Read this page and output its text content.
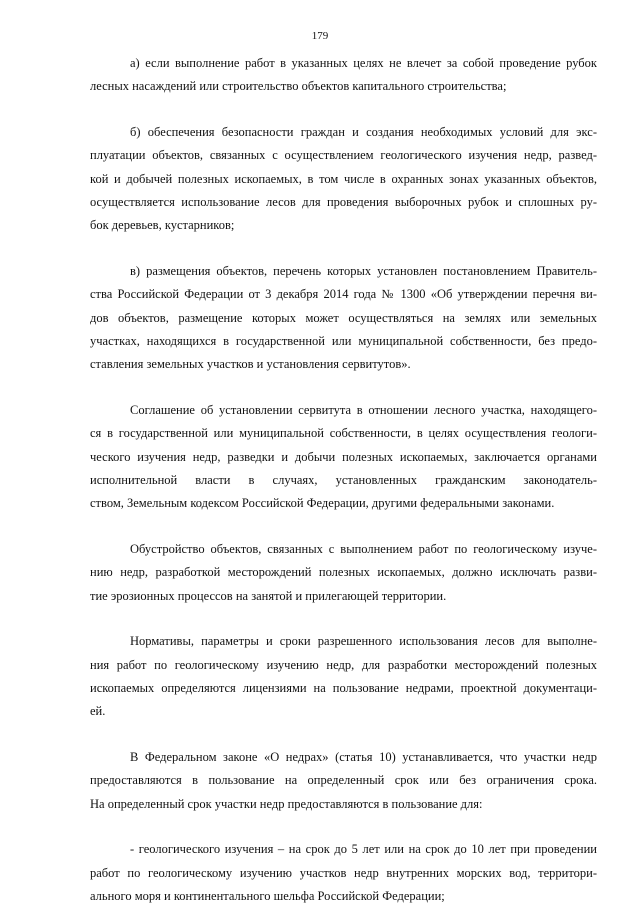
179
а) если выполнение работ в указанных целях не влечет за собой проведение рубок
лесных насаждений или строительство объектов капитального строительства;
б) обеспечения безопасности граждан и создания необходимых условий для экс-
плуатации объектов, связанных с осуществлением геологического изучения недр, развед-
кой и добычей полезных ископаемых, в том числе в охранных зонах указанных объектов,
осуществляется использование лесов для проведения выборочных рубок и сплошных ру-
бок деревьев, кустарников;
в) размещения объектов, перечень которых установлен постановлением Правитель-
ства Российской Федерации от 3 декабря 2014 года № 1300 «Об утверждении перечня ви-
дов объектов, размещение которых может осуществляться на землях или земельных
участках, находящихся в государственной или муниципальной собственности, без предо-
ставления земельных участков и установления сервитутов».
Соглашение об установлении сервитута в отношении лесного участка, находящего-
ся в государственной или муниципальной собственности, в целях осуществления геологи-
ческого изучения недр, разведки и добычи полезных ископаемых, заключается органами
исполнительной власти в случаях, установленных гражданским законодатель-
ством, Земельным кодексом Российской Федерации, другими федеральными законами.
Обустройство объектов, связанных с выполнением работ по геологическому изуче-
нию недр, разработкой месторождений полезных ископаемых, должно исключать разви-
тие эрозионных процессов на занятой и прилегающей территории.
Нормативы, параметры и сроки разрешенного использования лесов для выполне-
ния работ по геологическому изучению недр, для разработки месторождений полезных
ископаемых определяются лицензиями на пользование недрами, проектной документаци-
ей.
В Федеральном законе «О недрах» (статья 10) устанавливается, что участки недр
предоставляются в пользование на определенный срок или без ограничения срока.
На определенный срок участки недр предоставляются в пользование для:
- геологического изучения – на срок до 5 лет или на срок до 10 лет при проведении
работ по геологическому изучению участков недр внутренних морских вод, территори-
ального моря и континентального шельфа Российской Федерации;
